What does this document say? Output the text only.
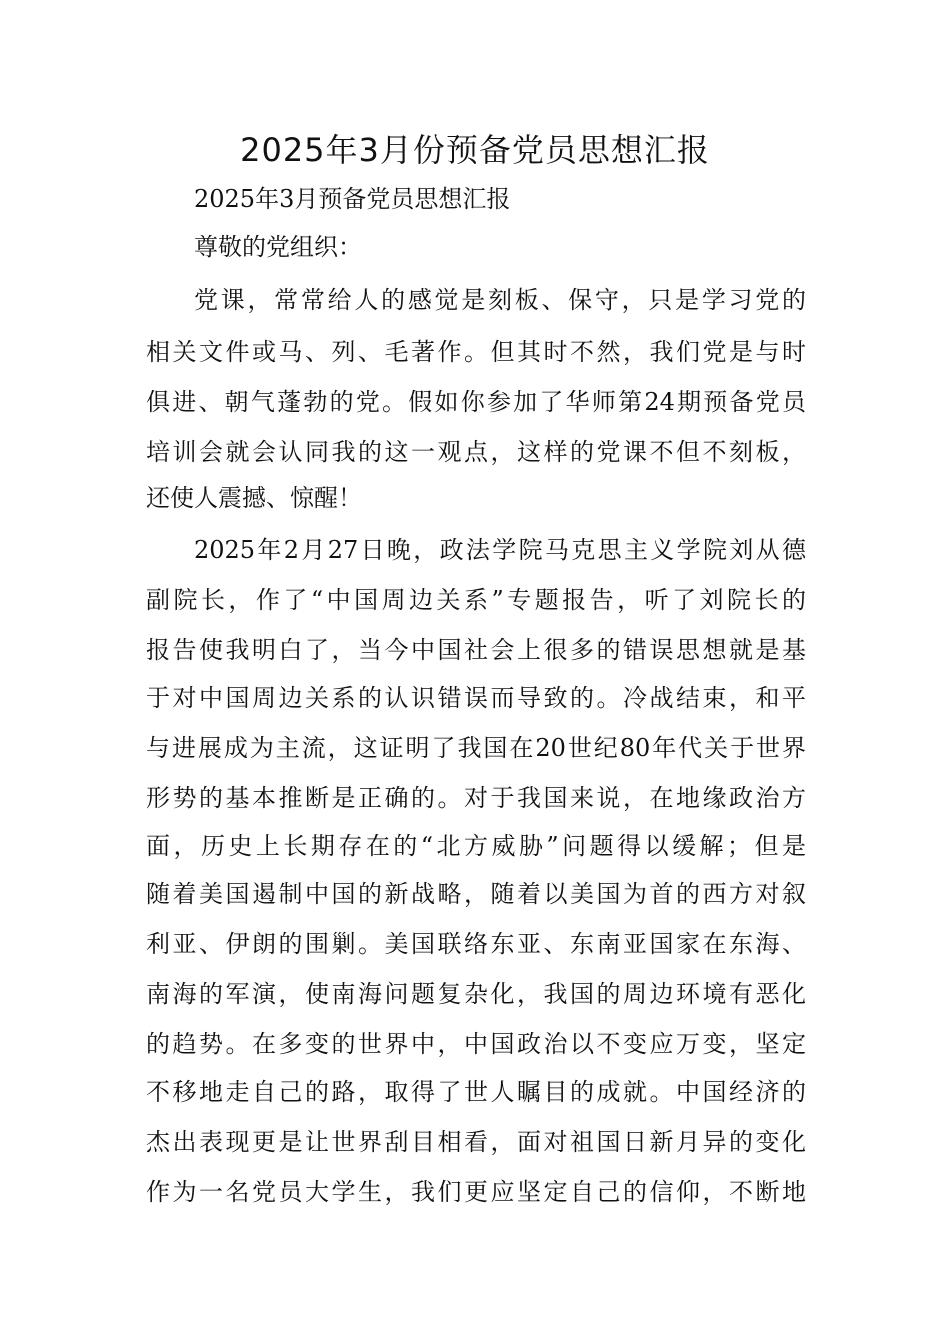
2025年3月份预备党员思想汇报

2025年3月预备党员思想汇报

尊敬的党组织：

党课，常常给人的感觉是刻板、保守，只是学习党的

相关文件或马、列、毛著作。但其时不然，我们党是与时

俱进、朝气蓬勃的党。假如你参加了华师第24期预备党员

培训会就会认同我的这一观点，这样的党课不但不刻板，

还使人震撼、惊醒！

2025年2月27日晚，政法学院马克思主义学院刘从德

副院长，作了“中国周边关系”专题报告，听了刘院长的

报告使我明白了，当今中国社会上很多的错误思想就是基

于对中国周边关系的认识错误而导致的。冷战结束，和平

与进展成为主流，这证明了我国在20世纪80年代关于世界

形势的基本推断是正确的。对于我国来说，在地缘政治方

面，历史上长期存在的“北方威胁”问题得以缓解；但是

随着美国遏制中国的新战略，随着以美国为首的西方对叙

利亚、伊朗的围剿。美国联络东亚、东南亚国家在东海、

南海的军演，使南海问题复杂化，我国的周边环境有恶化

的趋势。在多变的世界中，中国政治以不变应万变，坚定

不移地走自己的路，取得了世人瞩目的成就。中国经济的

杰出表现更是让世界刮目相看，面对祖国日新月异的变化

作为一名党员大学生，我们更应坚定自己的信仰，不断地
